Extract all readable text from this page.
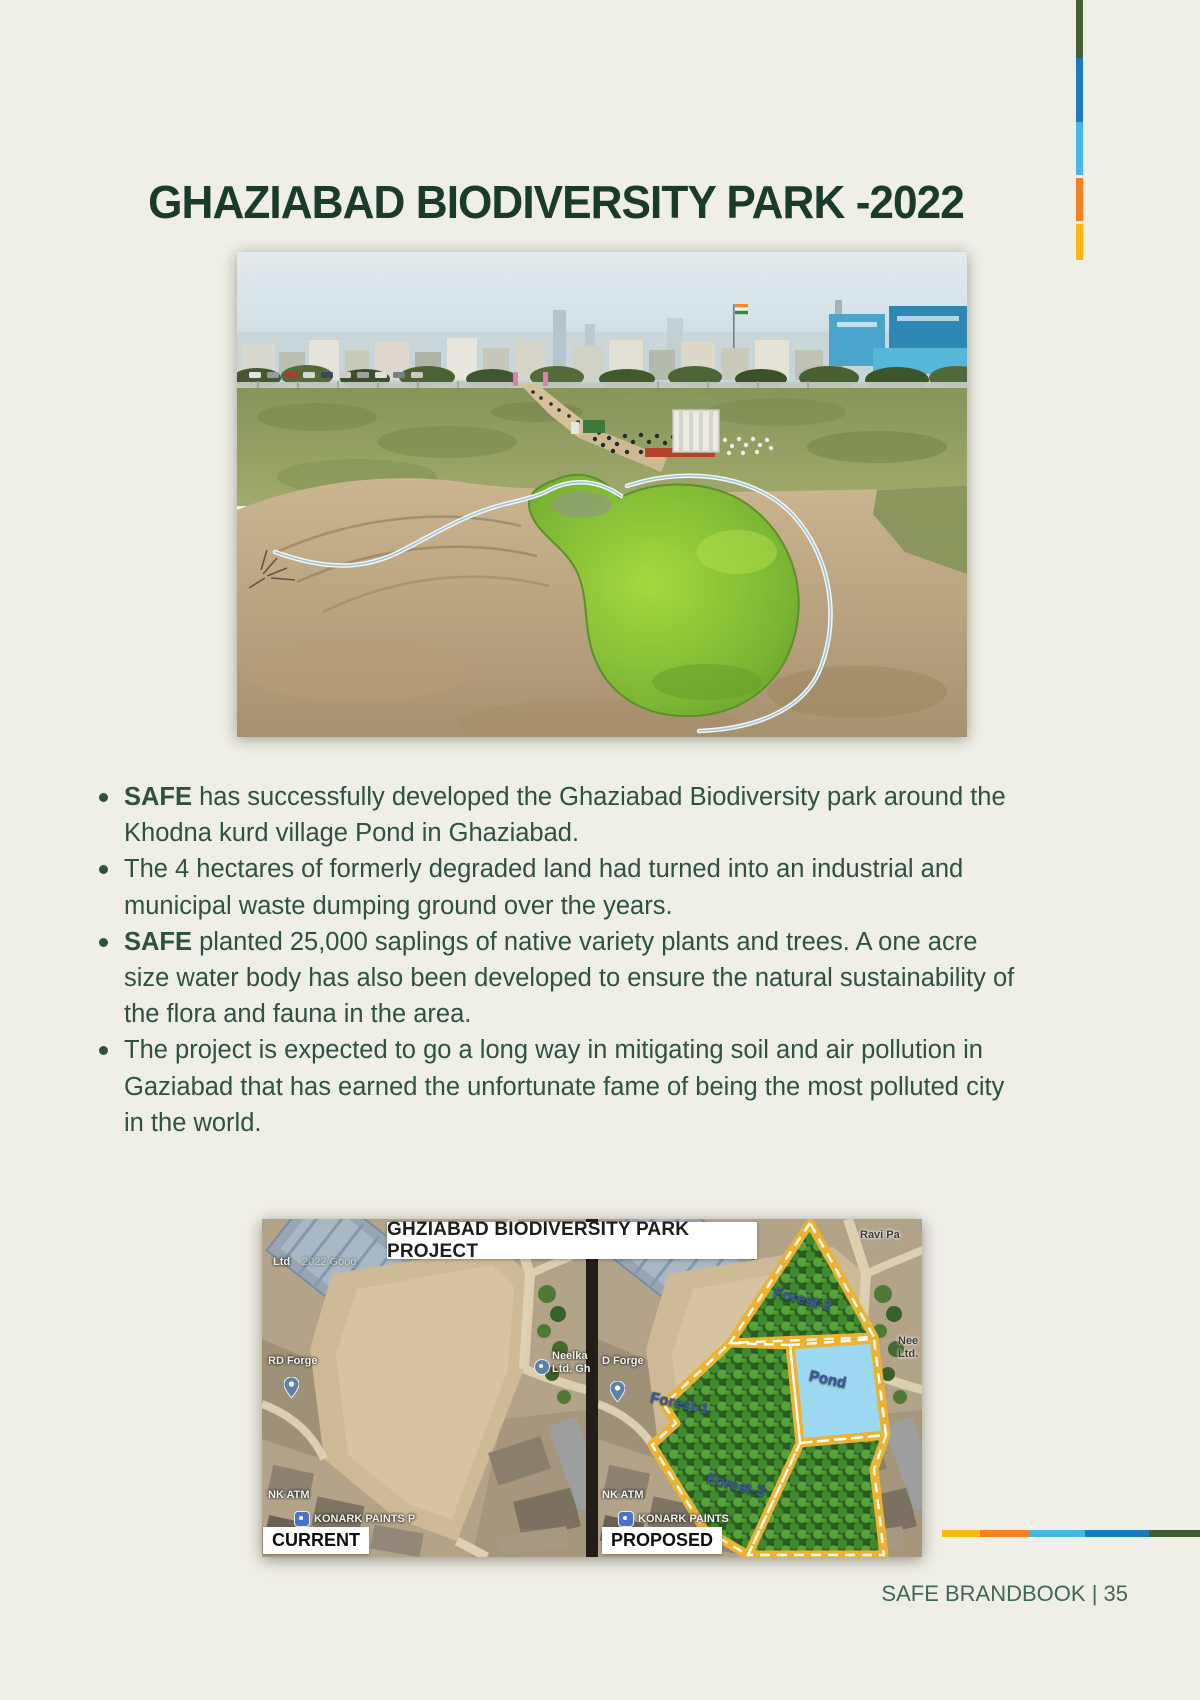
GHAZIABAD BIODIVERSITY PARK -2022
SAFE has successfully developed the Ghaziabad Biodiversity park around the Khodna kurd village Pond in Ghaziabad.
The 4 hectares of formerly degraded land had turned into an industrial and municipal waste dumping ground over the years.
SAFE planted 25,000 saplings of native variety plants and trees. A one acre size water body has also been developed to ensure the natural sustainability of the flora and fauna in the area.
The project is expected to go a long way in mitigating soil and air pollution in Gaziabad that has earned the unfortunate fame of being the most polluted city in the world.
GHZIABAD BIODIVERSITY PARK PROJECT
CURRENT	PROPOSED
Forest-2
Pond
Forest-1
Forest-3
Ltd 2022 Goog
RD Forge	Neelka
Ltd. Gh
NK ATM
KONARK PAINTS P
D Forge
NK ATM
KONARK PAINTS
Ravi Pa
Nee
Ltd.
SAFE BRANDBOOK | 35
